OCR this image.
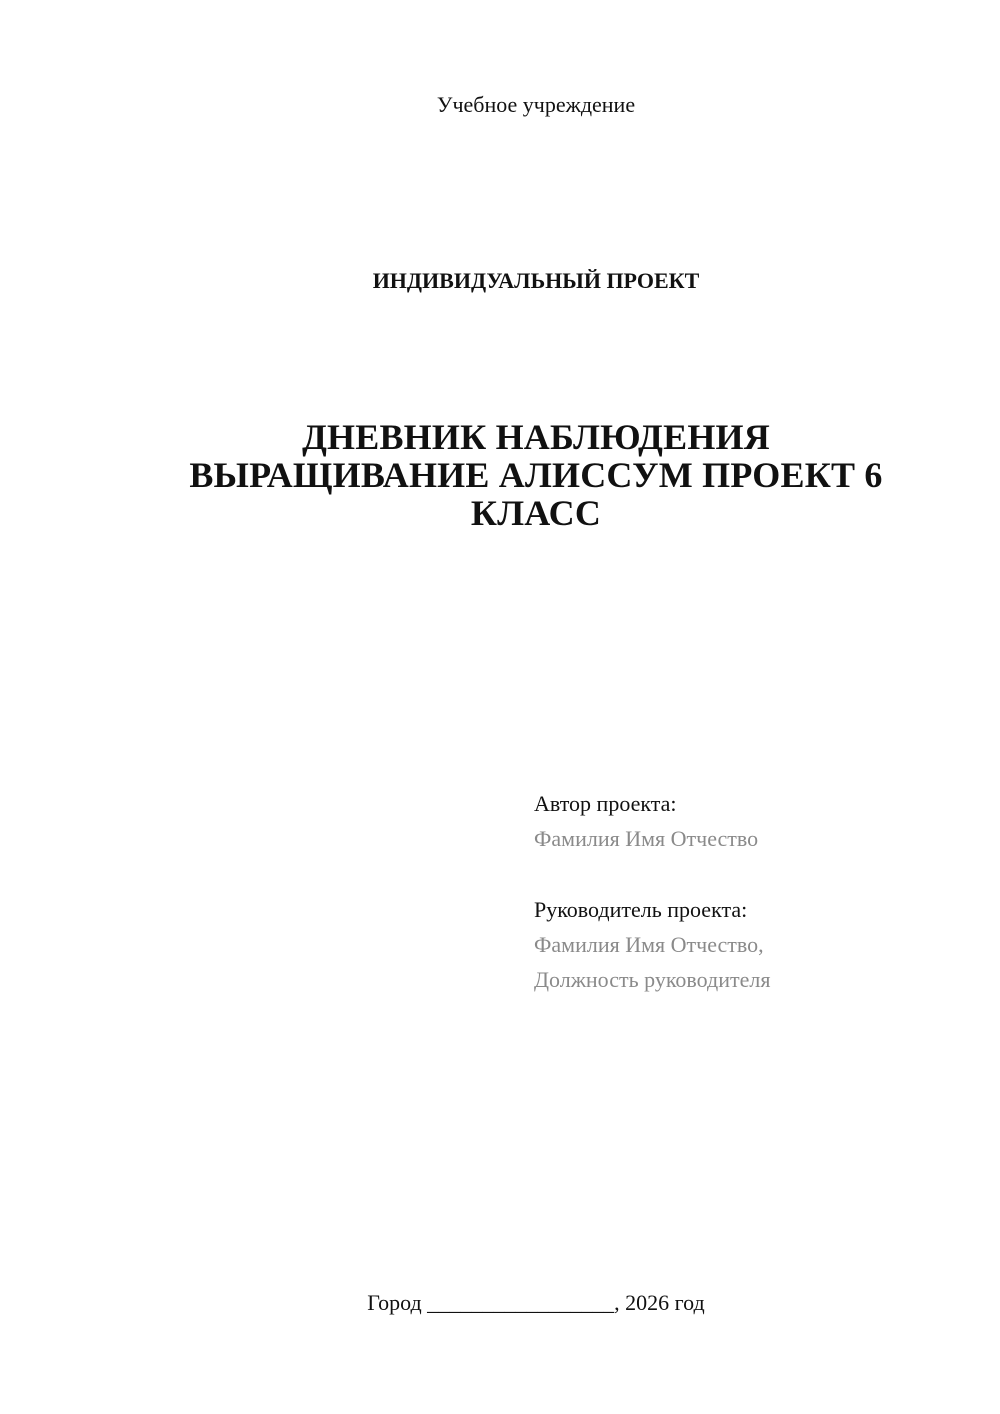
Учебное учреждение
ИНДИВИДУАЛЬНЫЙ ПРОЕКТ
ДНЕВНИК НАБЛЮДЕНИЯ
ВЫРАЩИВАНИЕ АЛИССУМ ПРОЕКТ 6
КЛАСС
Автор проекта:
Фамилия Имя Отчество
Руководитель проекта:
Фамилия Имя Отчество,
Должность руководителя
Город _________________, 2026 год
